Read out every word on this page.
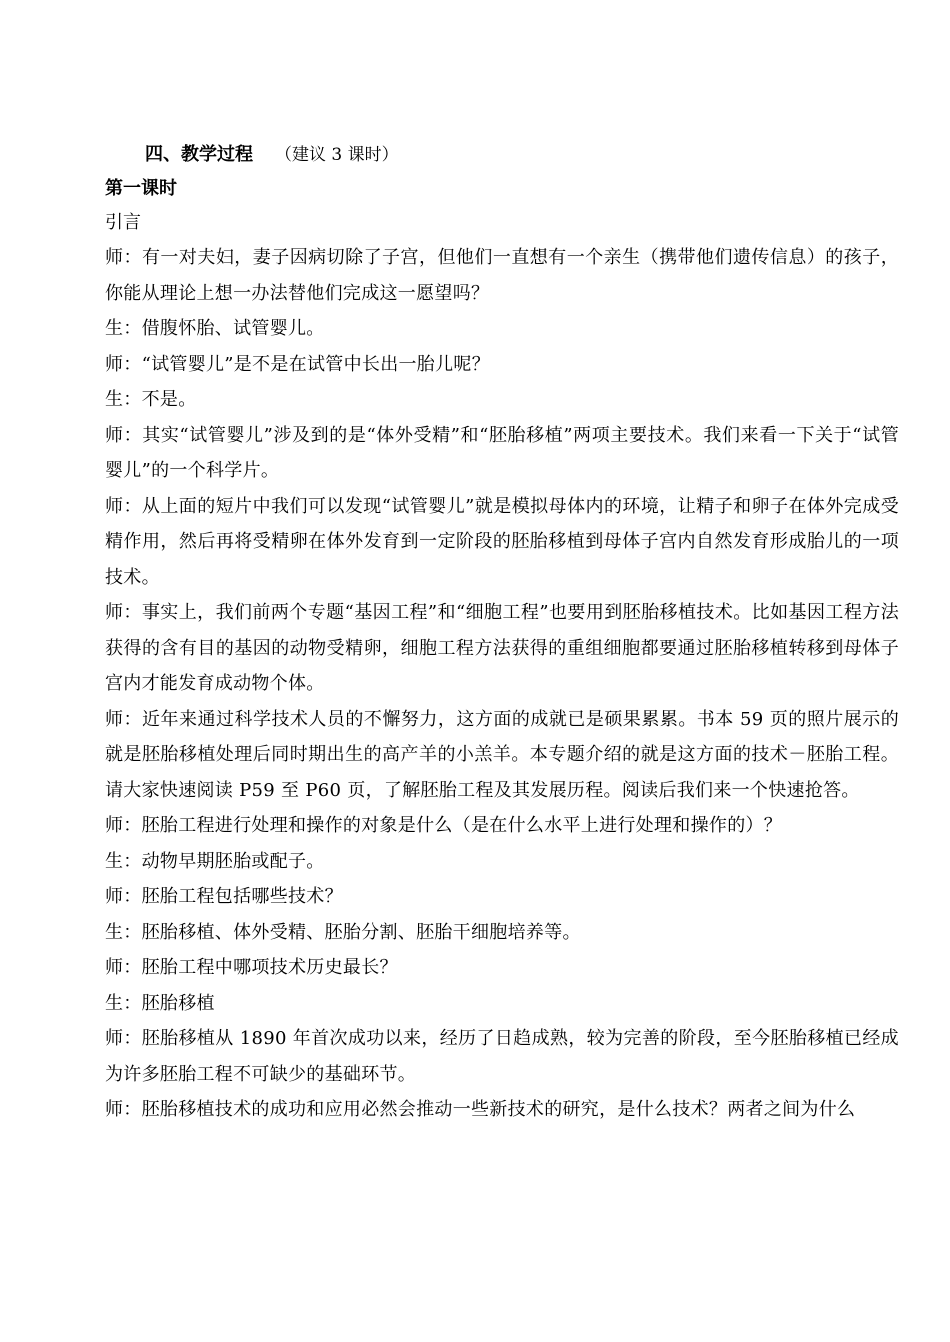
四、教学过程 （建议 3 课时）
第一课时
引言

师：有一对夫妇，妻子因病切除了子宫，但他们一直想有一个亲生（携带他们遗传信息）的孩子，你能从理论上想一办法替他们完成这一愿望吗？

生：借腹怀胎、试管婴儿。

师：“试管婴儿”是不是在试管中长出一胎儿呢？

生：不是。

师：其实“试管婴儿”涉及到的是“体外受精”和“胚胎移植”两项主要技术。我们来看一下关于“试管婴儿”的一个科学片。

师：从上面的短片中我们可以发现“试管婴儿”就是模拟母体内的环境，让精子和卵子在体外完成受精作用，然后再将受精卵在体外发育到一定阶段的胚胎移植到母体子宫内自然发育形成胎儿的一项技术。

师：事实上，我们前两个专题“基因工程”和“细胞工程”也要用到胚胎移植技术。比如基因工程方法获得的含有目的基因的动物受精卵，细胞工程方法获得的重组细胞都要通过胚胎移植转移到母体子宫内才能发育成动物个体。

师：近年来通过科学技术人员的不懈努力，这方面的成就已是硕果累累。书本 59 页的照片展示的就是胚胎移植处理后同时期出生的高产羊的小羔羊。本专题介绍的就是这方面的技术－胚胎工程。请大家快速阅读 P59 至 P60 页，了解胚胎工程及其发展历程。阅读后我们来一个快速抢答。

师：胚胎工程进行处理和操作的对象是什么（是在什么水平上进行处理和操作的）？

生：动物早期胚胎或配子。

师：胚胎工程包括哪些技术？

生：胚胎移植、体外受精、胚胎分割、胚胎干细胞培养等。

师：胚胎工程中哪项技术历史最长？

生：胚胎移植

师：胚胎移植从 1890 年首次成功以来，经历了日趋成熟，较为完善的阶段，至今胚胎移植已经成为许多胚胎工程不可缺少的基础环节。

师：胚胎移植技术的成功和应用必然会推动一些新技术的研究，是什么技术？两者之间为什么
